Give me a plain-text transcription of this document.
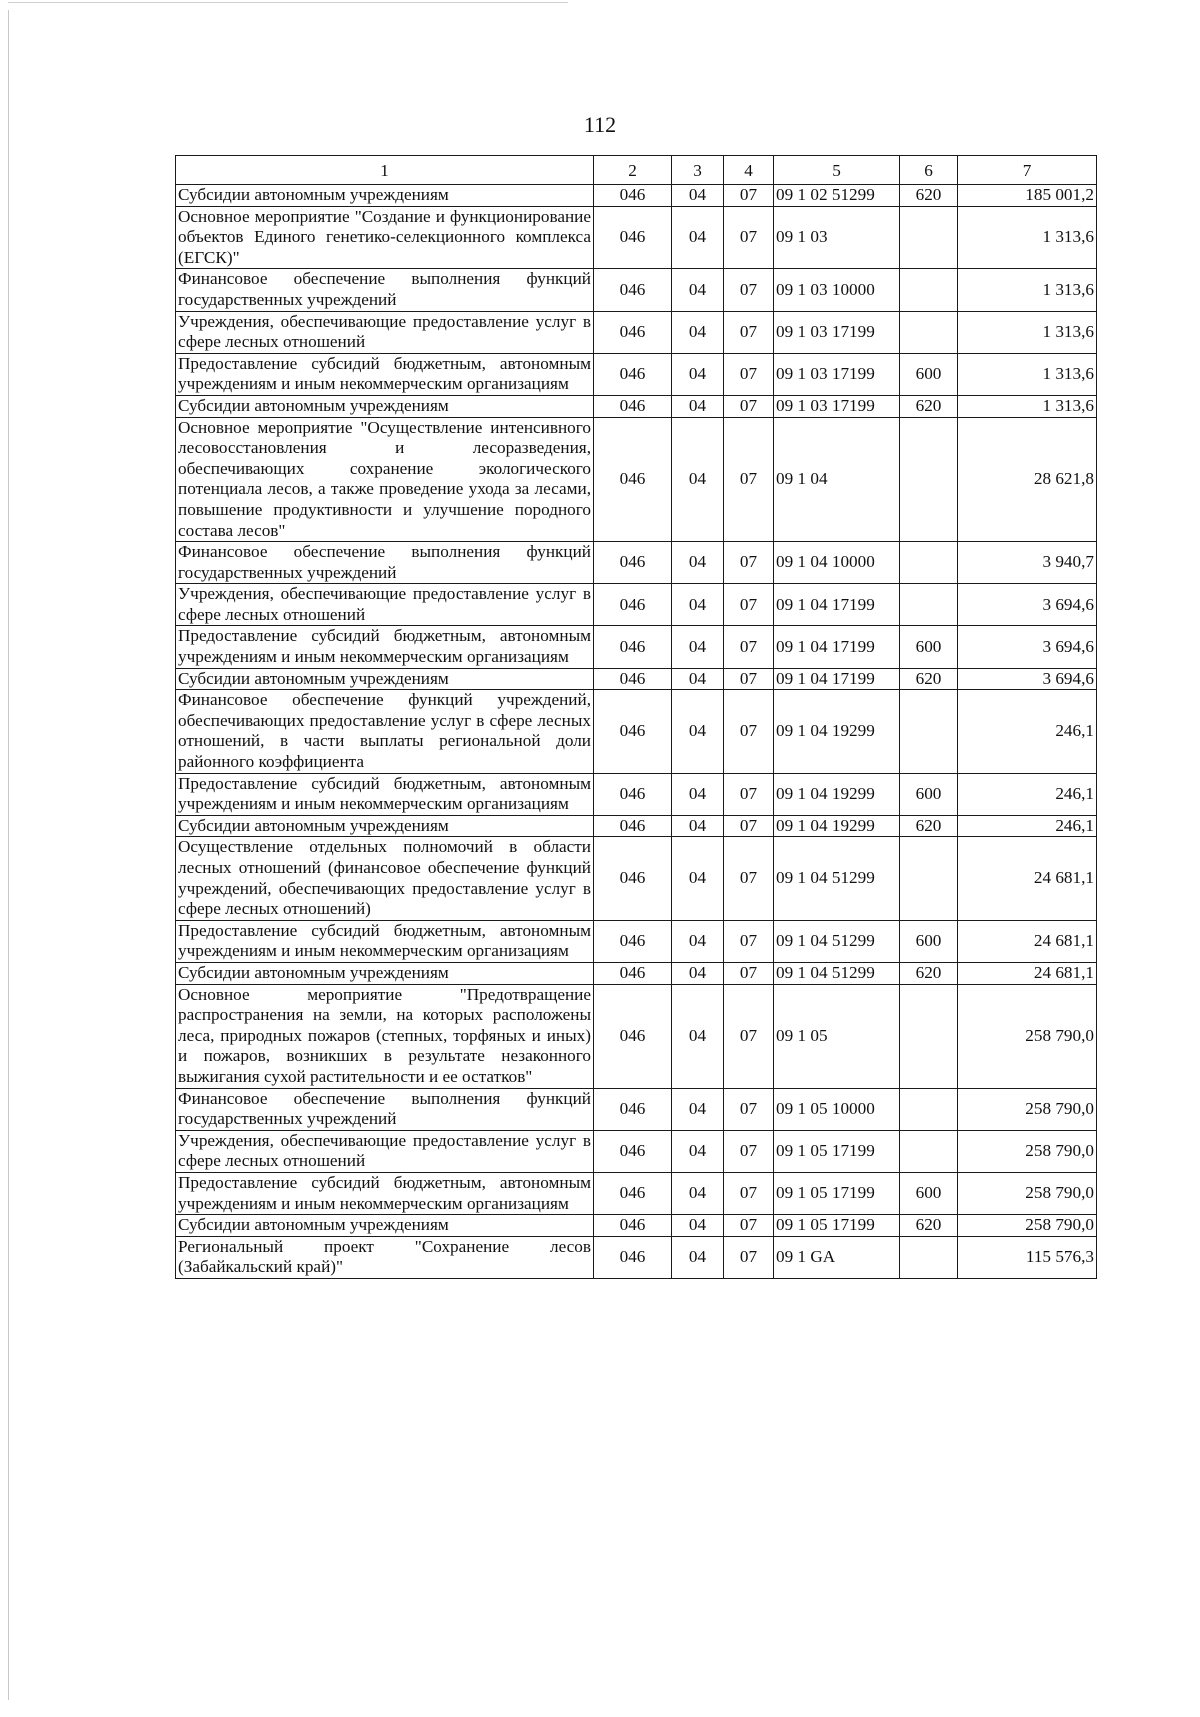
112
1	2	3	4	5	6	7
Субсидии автономным учреждениям	046	04	07	09 1 02 51299	620	185 001,2
Основное мероприятие "Создание и функционирование объектов Единого генетико-селекционного комплекса (ЕГСК)"	046	04	07	09 1 03		1 313,6
Финансовое обеспечение выполнения функций государственных учреждений	046	04	07	09 1 03 10000		1 313,6
Учреждения, обеспечивающие предоставление услуг в сфере лесных отношений	046	04	07	09 1 03 17199		1 313,6
Предоставление субсидий бюджетным, автономным учреждениям и иным некоммерческим организациям	046	04	07	09 1 03 17199	600	1 313,6
Субсидии автономным учреждениям	046	04	07	09 1 03 17199	620	1 313,6
Основное мероприятие "Осуществление интенсивного лесовосстановления и лесоразведения, обеспечивающих сохранение экологического потенциала лесов, а также проведение ухода за лесами, повышение продуктивности и улучшение породного состава лесов"	046	04	07	09 1 04		28 621,8
Финансовое обеспечение выполнения функций государственных учреждений	046	04	07	09 1 04 10000		3 940,7
Учреждения, обеспечивающие предоставление услуг в сфере лесных отношений	046	04	07	09 1 04 17199		3 694,6
Предоставление субсидий бюджетным, автономным учреждениям и иным некоммерческим организациям	046	04	07	09 1 04 17199	600	3 694,6
Субсидии автономным учреждениям	046	04	07	09 1 04 17199	620	3 694,6
Финансовое обеспечение функций учреждений, обеспечивающих предоставление услуг в сфере лесных отношений, в части выплаты региональной доли районного коэффициента	046	04	07	09 1 04 19299		246,1
Предоставление субсидий бюджетным, автономным учреждениям и иным некоммерческим организациям	046	04	07	09 1 04 19299	600	246,1
Субсидии автономным учреждениям	046	04	07	09 1 04 19299	620	246,1
Осуществление отдельных полномочий в области лесных отношений (финансовое обеспечение функций учреждений, обеспечивающих предоставление услуг в сфере лесных отношений)	046	04	07	09 1 04 51299		24 681,1
Предоставление субсидий бюджетным, автономным учреждениям и иным некоммерческим организациям	046	04	07	09 1 04 51299	600	24 681,1
Субсидии автономным учреждениям	046	04	07	09 1 04 51299	620	24 681,1
Основное мероприятие "Предотвращение распространения на земли, на которых расположены леса, природных пожаров (степных, торфяных и иных) и пожаров, возникших в результате незаконного выжигания сухой растительности и ее остатков"	046	04	07	09 1 05		258 790,0
Финансовое обеспечение выполнения функций государственных учреждений	046	04	07	09 1 05 10000		258 790,0
Учреждения, обеспечивающие предоставление услуг в сфере лесных отношений	046	04	07	09 1 05 17199		258 790,0
Предоставление субсидий бюджетным, автономным учреждениям и иным некоммерческим организациям	046	04	07	09 1 05 17199	600	258 790,0
Субсидии автономным учреждениям	046	04	07	09 1 05 17199	620	258 790,0
Региональный проект "Сохранение лесов (Забайкальский край)"	046	04	07	09 1 GA		115 576,3
